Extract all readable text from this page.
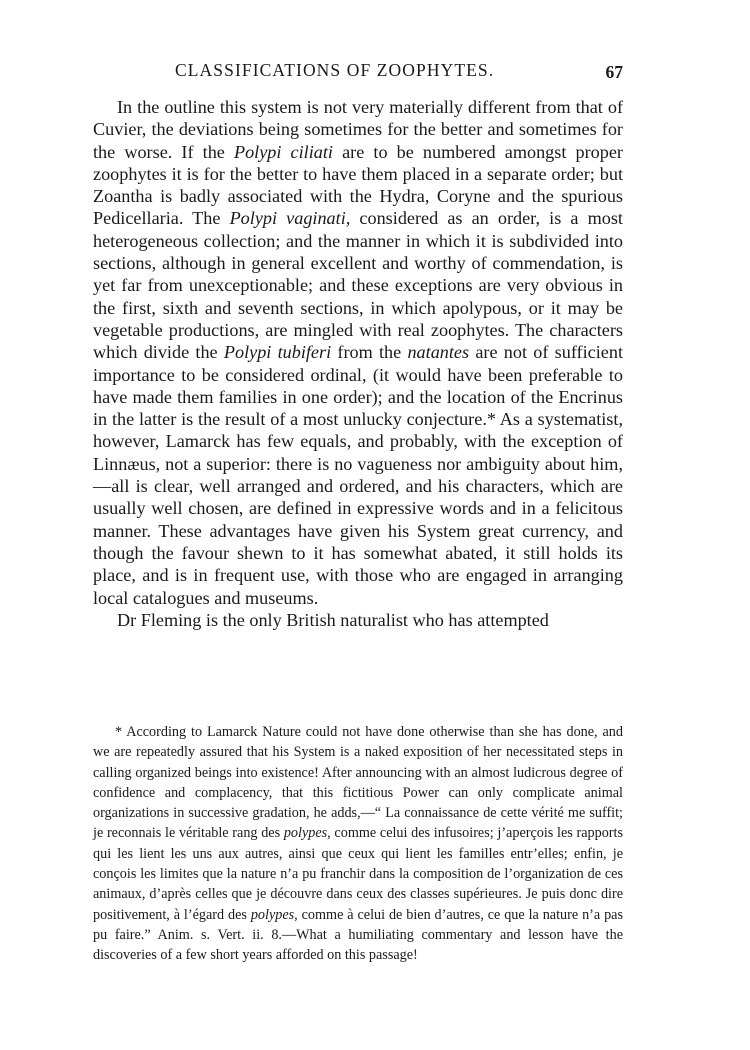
CLASSIFICATIONS OF ZOOPHYTES.	67

In the outline this system is not very materially different from that of Cuvier, the deviations being sometimes for the better and sometimes for the worse. If the Polypi ciliati are to be numbered amongst proper zoophytes it is for the better to have them placed in a separate order; but Zoantha is badly associated with the Hydra, Coryne and the spurious Pedicellaria. The Polypi vaginati, considered as an order, is a most heterogeneous collection; and the manner in which it is subdivided into sections, although in general excellent and worthy of commendation, is yet far from unexceptionable; and these exceptions are very obvious in the first, sixth and seventh sections, in which apolypous, or it may be vegetable productions, are mingled with real zoophytes. The characters which divide the Polypi tubiferi from the natantes are not of sufficient importance to be considered ordinal, (it would have been preferable to have made them families in one order); and the location of the Encrinus in the latter is the result of a most unlucky conjecture.* As a systematist, however, Lamarck has few equals, and probably, with the exception of Linnæus, not a superior: there is no vagueness nor ambiguity about him,—all is clear, well arranged and ordered, and his characters, which are usually well chosen, are defined in expressive words and in a felicitous manner. These advantages have given his System great currency, and though the favour shewn to it has somewhat abated, it still holds its place, and is in frequent use, with those who are engaged in arranging local catalogues and museums.

Dr Fleming is the only British naturalist who has attempted

* According to Lamarck Nature could not have done otherwise than she has done, and we are repeatedly assured that his System is a naked exposition of her necessitated steps in calling organized beings into existence! After announcing with an almost ludicrous degree of confidence and complacency, that this fictitious Power can only complicate animal organizations in successive gradation, he adds,—“ La connaissance de cette vérité me suffit; je reconnais le véritable rang des polypes, comme celui des infusoires; j’aperçois les rapports qui les lient les uns aux autres, ainsi que ceux qui lient les familles entr’elles; enfin, je conçois les limites que la nature n’a pu franchir dans la composition de l’organization de ces animaux, d’après celles que je découvre dans ceux des classes supérieures. Je puis donc dire positivement, à l’égard des polypes, comme à celui de bien d’autres, ce que la nature n’a pas pu faire.” Anim. s. Vert. ii. 8.—What a humiliating commentary and lesson have the discoveries of a few short years afforded on this passage!
